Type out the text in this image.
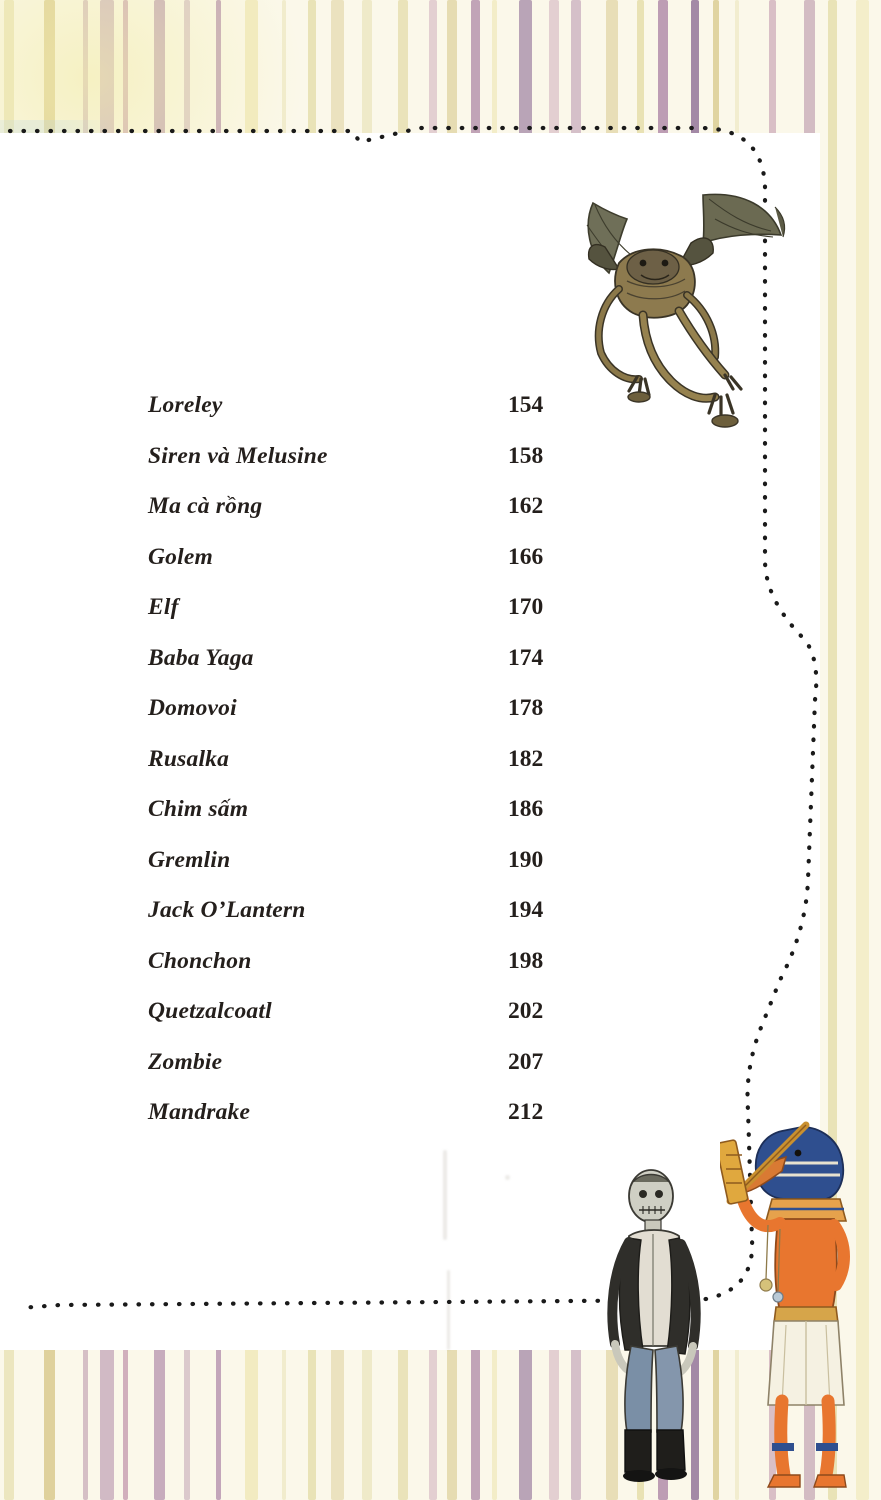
Loreley	154
Siren và Melusine	158
Ma cà rồng	162
Golem	166
Elf	170
Baba Yaga	174
Domovoi	178
Rusalka	182
Chim sấm	186
Gremlin	190
Jack O’Lantern	194
Chonchon	198
Quetzalcoatl	202
Zombie	207
Mandrake	212
